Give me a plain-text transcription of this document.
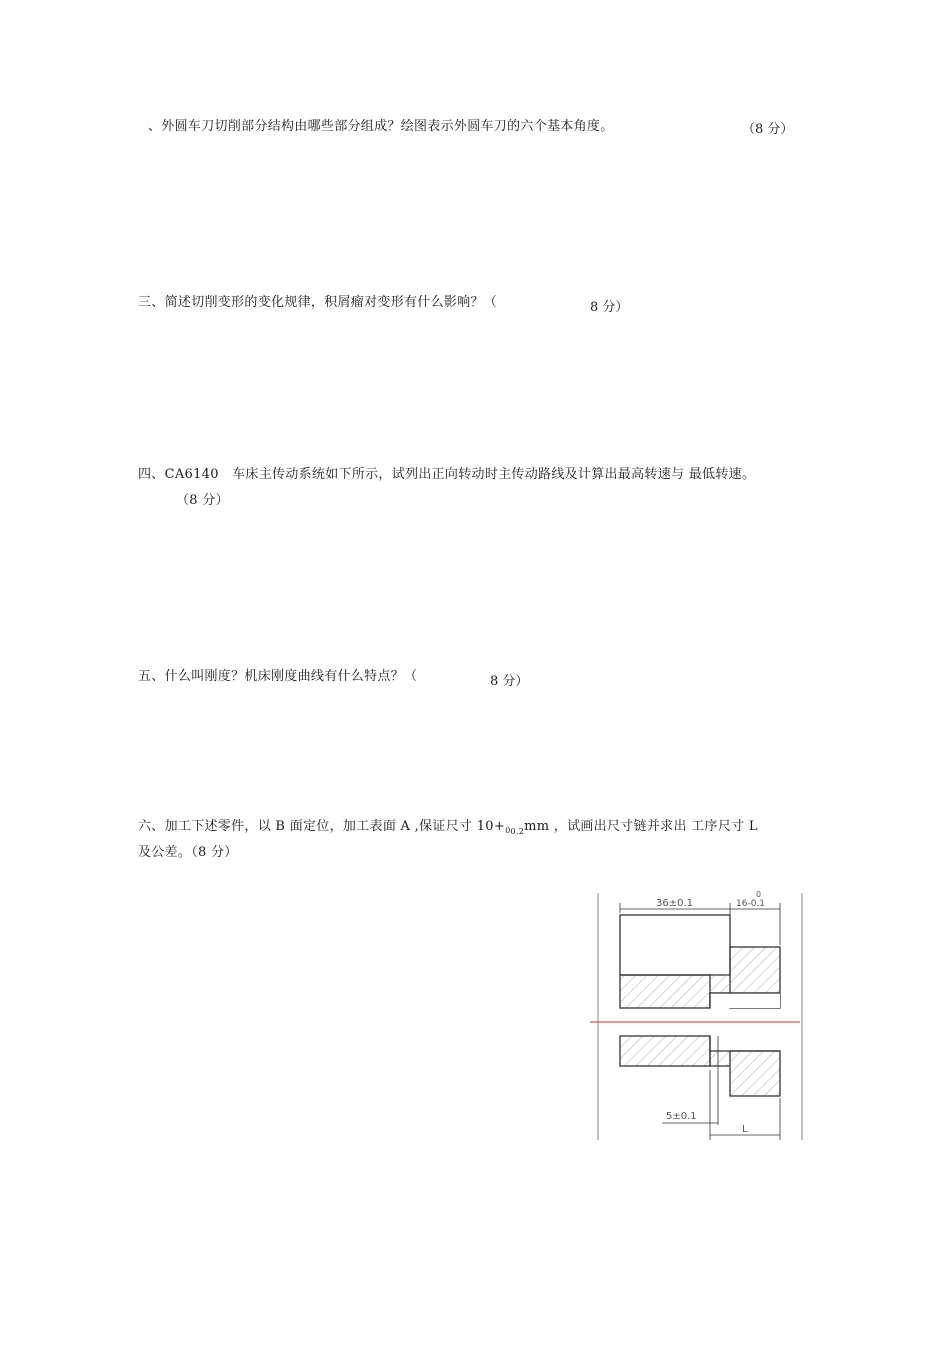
、外圆车刀切削部分结构由哪些部分组成？绘图表示外圆车刀的六个基本角度。	（8 分）
三、简述切削变形的变化规律，积屑瘤对变形有什么影响？（	8 分）
四、CA6140　车床主传动系统如下所示，试列出正向转动时主传动路线及计算出最高转速与 最低转速。
（8 分）
五、什么叫刚度？机床刚度曲线有什么特点？（	8 分）
六、加工下述零件，以 B 面定位，加工表面 A ,保证尺寸 $10+_{00.2}mm$ ，试画出尺寸链并求出 工序尺寸 L
及公差。（8 分）
36±0.1
0
16-0.1
5±0.1
L
